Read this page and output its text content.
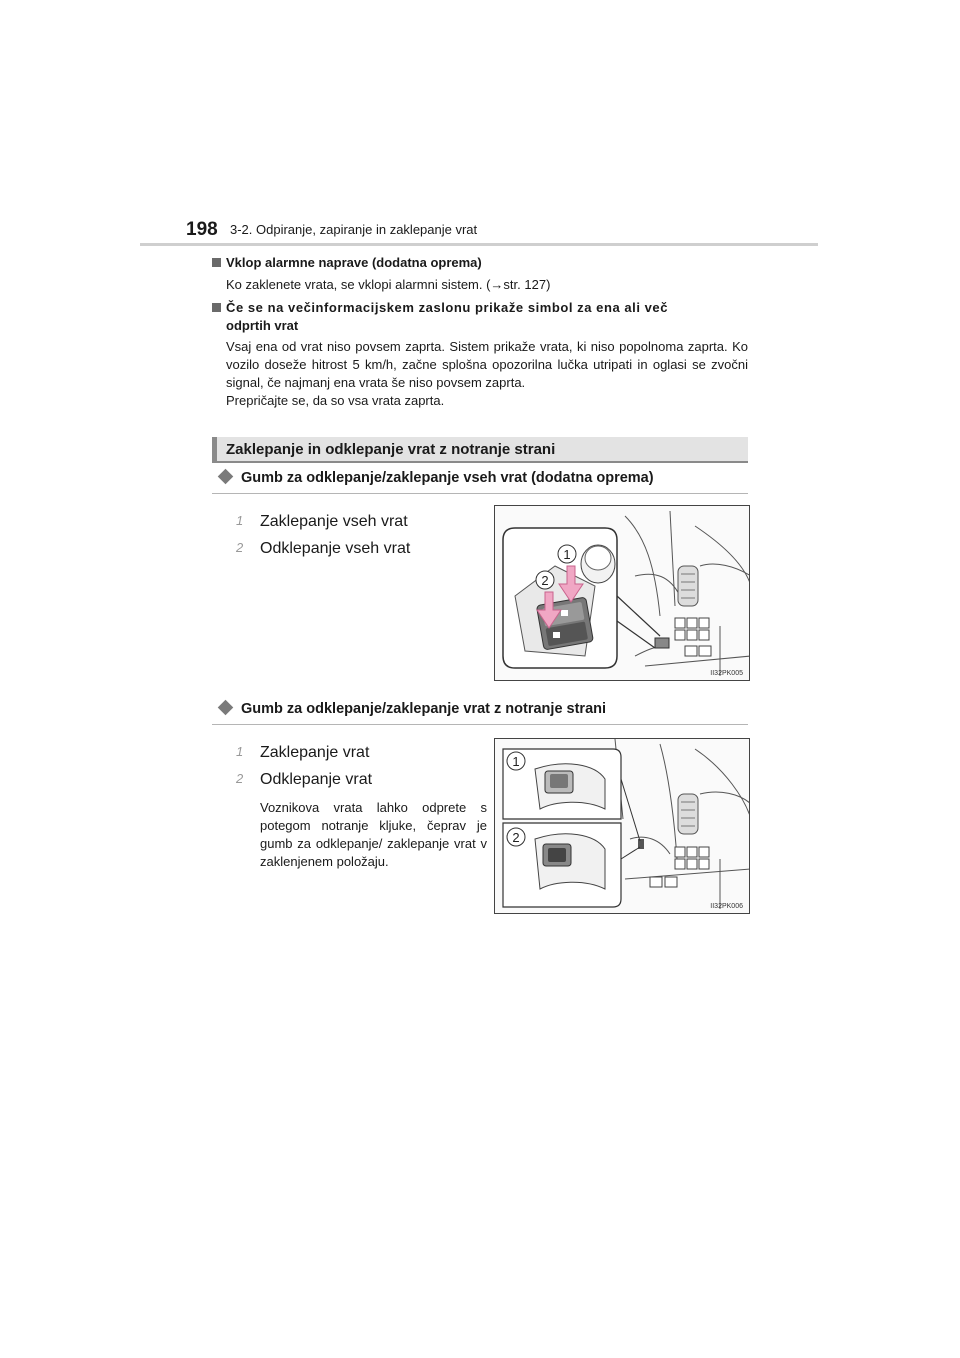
198 3-2. Odpiranje, zapiranje in zaklepanje vrat
Vklop alarmne naprave (dodatna oprema)
Ko zaklenete vrata, se vklopi alarmni sistem. (→str. 127)
Če se na večinformacijskem zaslonu prikaže simbol za ena ali več
odprtih vrat
Vsaj ena od vrat niso povsem zaprta. Sistem prikaže vrata, ki niso popolnoma zaprta. Ko vozilo doseže hitrost 5 km/h, začne splošna opozorilna lučka utripati in oglasi se zvočni signal, če najmanj ena vrata še niso povsem zaprta.
Prepričajte se, da so vsa vrata zaprta.
Zaklepanje in odklepanje vrat z notranje strani
Gumb za odklepanje/zaklepanje vseh vrat (dodatna oprema)
1 Zaklepanje vseh vrat
2 Odklepanje vseh vrat	1
2
II32PK005
Gumb za odklepanje/zaklepanje vrat z notranje strani
1 Zaklepanje vrat
2 Odklepanje vrat
Voznikova vrata lahko odprete s potegom notranje kljuke, čeprav je gumb za odklepanje/ zaklepanje vrat v zaklenjenem položaju.
1
2
II32PK006
